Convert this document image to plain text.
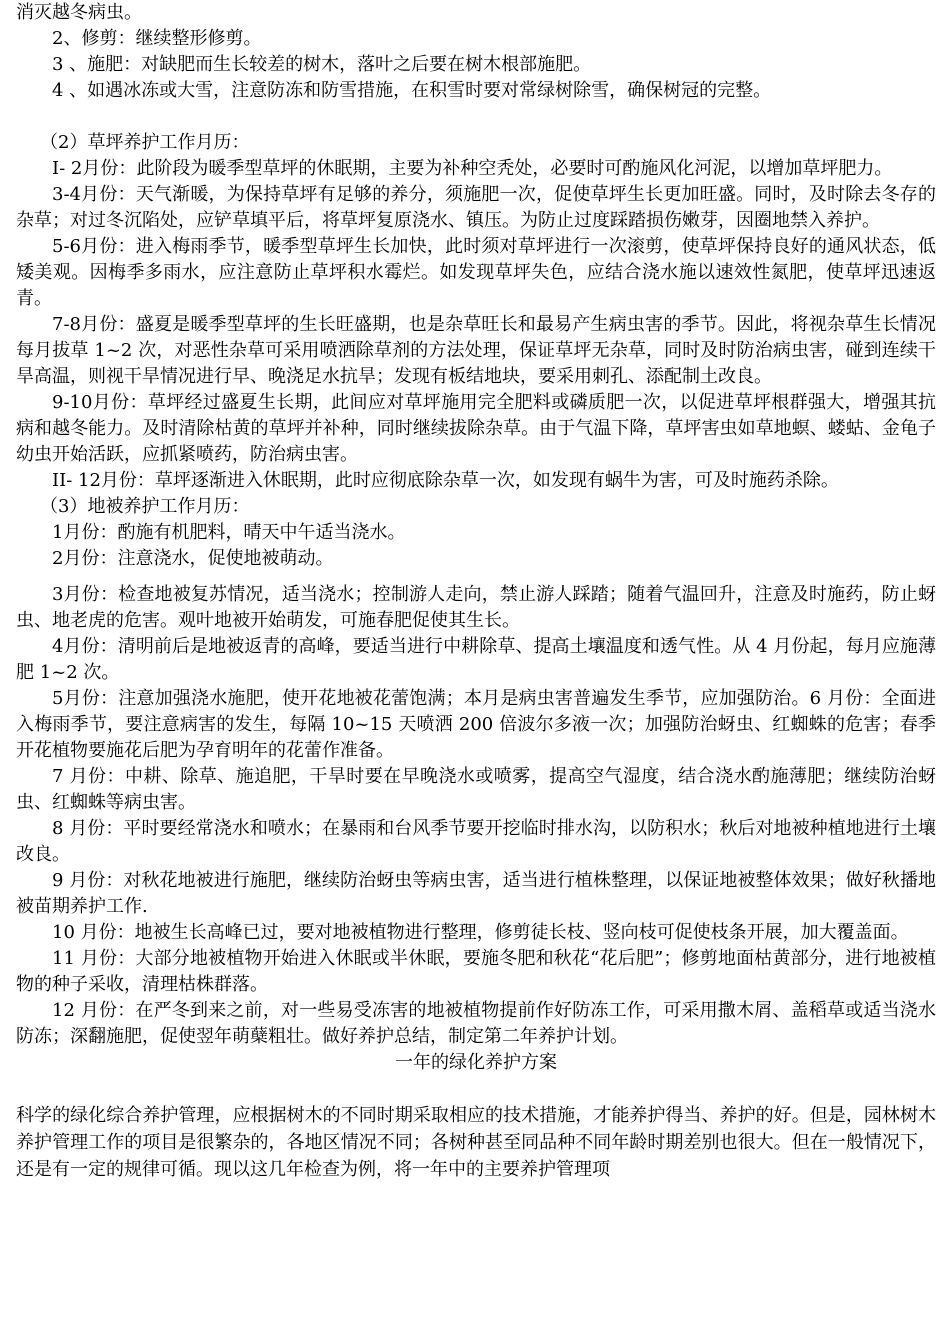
消灭越冬病虫。

2、修剪：继续整形修剪。

3 、施肥：对缺肥而生长较差的树木，落叶之后要在树木根部施肥。

4 、如遇冰冻或大雪，注意防冻和防雪措施，在积雪时要对常绿树除雪，确保树冠的完整。

（2）草坪养护工作月历：

I- 2月份：此阶段为暖季型草坪的休眠期，主要为补种空秃处，必要时可酌施风化河泥，以增加草坪肥力。

3-4月份：天气渐暖，为保持草坪有足够的养分，须施肥一次，促使草坪生长更加旺盛。同时，及时除去冬存的杂草；对过冬沉陷处，应铲草填平后，将草坪复原浇水、镇压。为防止过度踩踏损伤嫩芽，因圈地禁入养护。

5-6月份：进入梅雨季节，暖季型草坪生长加快，此时须对草坪进行一次滚剪，使草坪保持良好的通风状态，低矮美观。因梅季多雨水，应注意防止草坪积水霉烂。如发现草坪失色，应结合浇水施以速效性氮肥，使草坪迅速返青。

7-8月份：盛夏是暖季型草坪的生长旺盛期，也是杂草旺长和最易产生病虫害的季节。因此，将视杂草生长情况每月拔草 1~2 次，对恶性杂草可采用喷洒除草剂的方法处理，保证草坪无杂草，同时及时防治病虫害，碰到连续干旱高温，则视干旱情况进行早、晚浇足水抗旱；发现有板结地块，要采用刺孔、添配制土改良。

9-10月份：草坪经过盛夏生长期，此间应对草坪施用完全肥料或磷质肥一次，以促进草坪根群强大，增强其抗病和越冬能力。及时清除枯黄的草坪并补种，同时继续拔除杂草。由于气温下降，草坪害虫如草地螟、蝼蛄、金龟子幼虫开始活跃，应抓紧喷药，防治病虫害。

II- 12月份：草坪逐渐进入休眠期，此时应彻底除杂草一次，如发现有蜗牛为害，可及时施药杀除。

（3）地被养护工作月历：

1月份：酌施有机肥料，晴天中午适当浇水。

2月份：注意浇水，促使地被萌动。

3月份：检查地被复苏情况，适当浇水；控制游人走向，禁止游人踩踏；随着气温回升，注意及时施药，防止蚜虫、地老虎的危害。观叶地被开始萌发，可施春肥促使其生长。

4月份：清明前后是地被返青的高峰，要适当进行中耕除草、提高土壤温度和透气性。从 4 月份起，每月应施薄肥 1~2 次。

5月份：注意加强浇水施肥，使开花地被花蕾饱满；本月是病虫害普遍发生季节，应加强防治。6 月份：全面进入梅雨季节，要注意病害的发生，每隔 10~15 天喷洒 200 倍波尔多液一次；加强防治蚜虫、红蜘蛛的危害；春季开花植物要施花后肥为孕育明年的花蕾作准备。

7 月份：中耕、除草、施追肥，干旱时要在早晚浇水或喷雾，提高空气湿度，结合浇水酌施薄肥；继续防治蚜虫、红蜘蛛等病虫害。

8 月份：平时要经常浇水和喷水；在暴雨和台风季节要开挖临时排水沟，以防积水；秋后对地被种植地进行土壤改良。

9 月份：对秋花地被进行施肥，继续防治蚜虫等病虫害，适当进行植株整理，以保证地被整体效果；做好秋播地被苗期养护工作.

10 月份：地被生长高峰已过，要对地被植物进行整理，修剪徒长枝、竖向枝可促使枝条开展，加大覆盖面。

11 月份：大部分地被植物开始进入休眠或半休眠，要施冬肥和秋花“花后肥”；修剪地面枯黄部分，进行地被植物的种子采收，清理枯株群落。

12 月份：在严冬到来之前，对一些易受冻害的地被植物提前作好防冻工作，可采用撒木屑、盖稻草或适当浇水防冻；深翻施肥，促使翌年萌蘖粗壮。做好养护总结，制定第二年养护计划。

一年的绿化养护方案

科学的绿化综合养护管理，应根据树木的不同时期采取相应的技术措施，才能养护得当、养护的好。但是，园林树木养护管理工作的项目是很繁杂的，各地区情况不同；各树种甚至同品种不同年龄时期差别也很大。但在一般情况下，还是有一定的规律可循。现以这几年检查为例，将一年中的主要养护管理项
